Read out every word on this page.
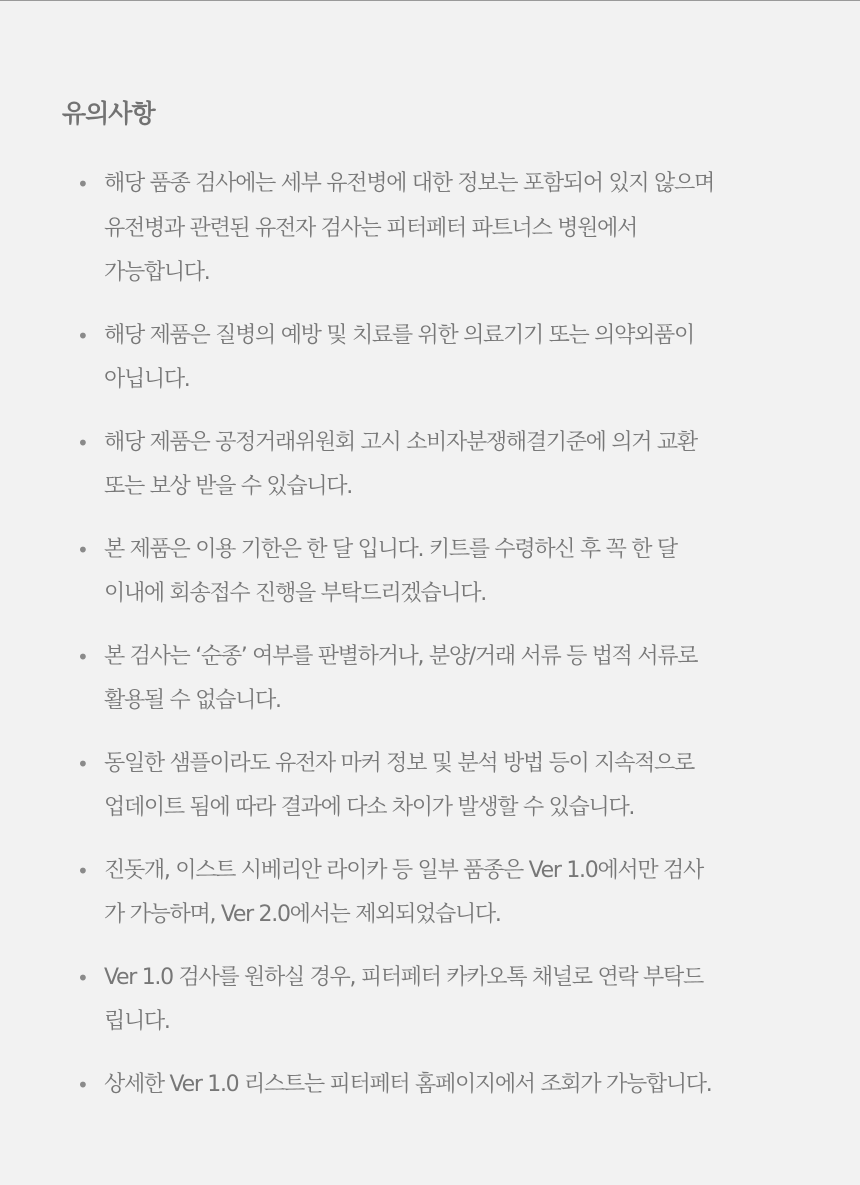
유의사항
• 해당 품종 검사에는 세부 유전병에 대한 정보는 포함되어 있지 않으며
유전병과 관련된 유전자 검사는 피터페터 파트너스 병원에서
가능합니다.
• 해당 제품은 질병의 예방 및 치료를 위한 의료기기 또는 의약외품이
아닙니다.
• 해당 제품은 공정거래위원회 고시 소비자분쟁해결기준에 의거 교환
또는 보상 받을 수 있습니다.
• 본 제품은 이용 기한은 한 달 입니다. 키트를 수령하신 후 꼭 한 달
이내에 회송접수 진행을 부탁드리겠습니다.
• 본 검사는 ‘순종’ 여부를 판별하거나, 분양/거래 서류 등 법적 서류로
활용될 수 없습니다.
• 동일한 샘플이라도 유전자 마커 정보 및 분석 방법 등이 지속적으로
업데이트 됨에 따라 결과에 다소 차이가 발생할 수 있습니다.
• 진돗개, 이스트 시베리안 라이카 등 일부 품종은 Ver 1.0에서만 검사
가 가능하며, Ver 2.0에서는 제외되었습니다.
• Ver 1.0 검사를 원하실 경우, 피터페터 카카오톡 채널로 연락 부탁드
립니다.
• 상세한 Ver 1.0 리스트는 피터페터 홈페이지에서 조회가 가능합니다.
